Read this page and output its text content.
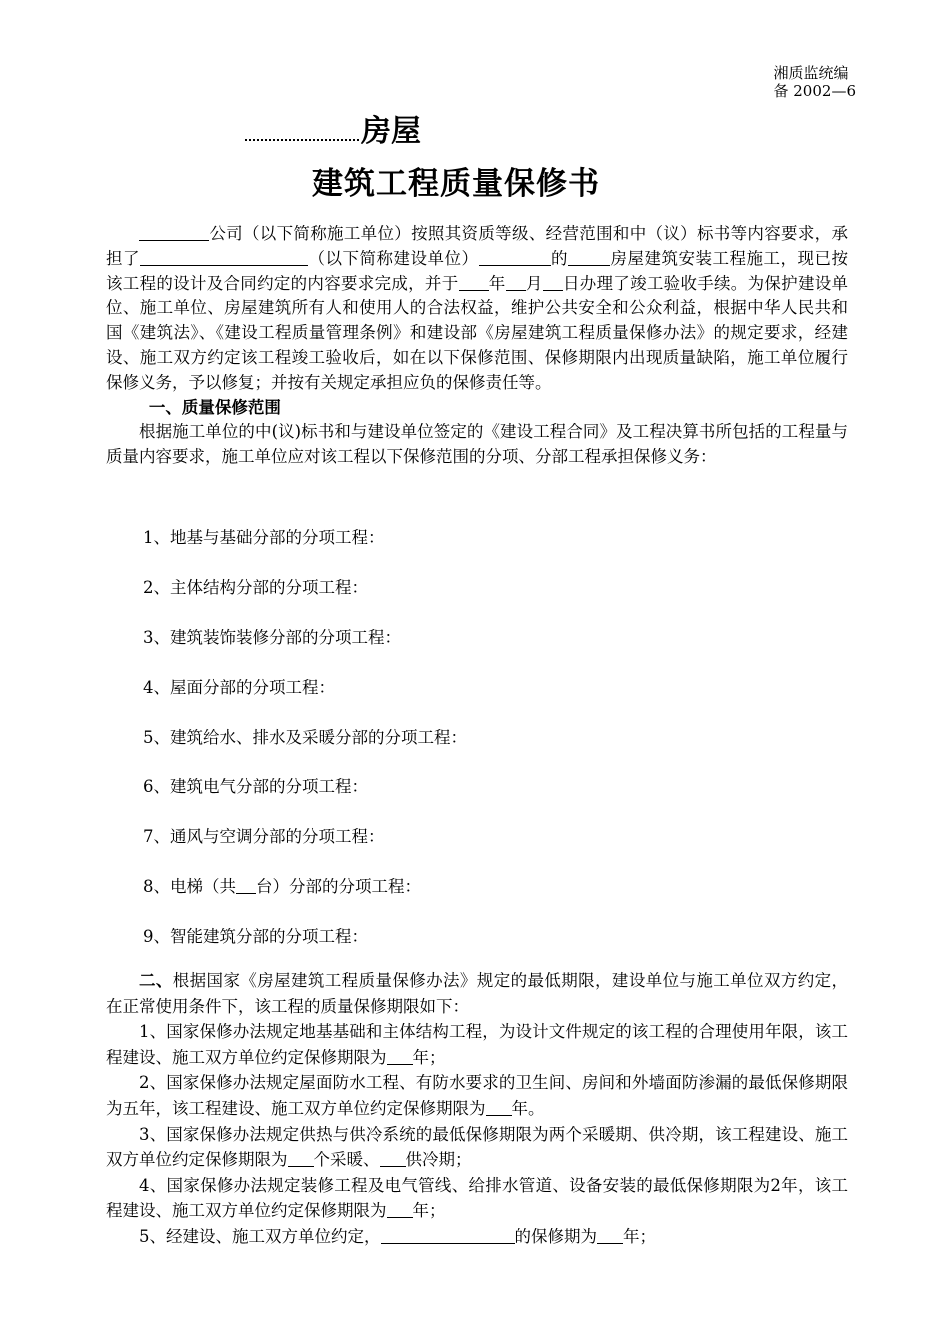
湘质监统编
备 2002—6
房屋
建筑工程质量保修书

公司（以下简称施工单位）按照其资质等级、经营范围和中（议）标书等内容要求，承担了	（以下简称建设单位）	的	房屋建筑安装工程施工，现已按该工程的设计及合同约定的内容要求完成，并于 年 月 日办理了竣工验收手续。为保护建设单位、施工单位、房屋建筑所有人和使用人的合法权益，维护公共安全和公众利益，根据中华人民共和国《建筑法》、《建设工程质量管理条例》和建设部《房屋建筑工程质量保修办法》的规定要求，经建设、施工双方约定该工程竣工验收后，如在以下保修范围、保修期限内出现质量缺陷，施工单位履行保修义务，予以修复；并按有关规定承担应负的保修责任等。

一、质量保修范围

根据施工单位的中(议)标书和与建设单位签定的《建设工程合同》及工程决算书所包括的工程量与质量内容要求，施工单位应对该工程以下保修范围的分项、分部工程承担保修义务：

1、地基与基础分部的分项工程：
2、主体结构分部的分项工程：
3、建筑装饰装修分部的分项工程：
4、屋面分部的分项工程：
5、建筑给水、排水及采暖分部的分项工程：
6、建筑电气分部的分项工程：
7、通风与空调分部的分项工程：
8、电梯（共 台）分部的分项工程：
9、智能建筑分部的分项工程：

二、根据国家《房屋建筑工程质量保修办法》规定的最低期限，建设单位与施工单位双方约定，在正常使用条件下，该工程的质量保修期限如下：

1、国家保修办法规定地基基础和主体结构工程，为设计文件规定的该工程的合理使用年限，该工程建设、施工双方单位约定保修期限为 年；

2、国家保修办法规定屋面防水工程、有防水要求的卫生间、房间和外墙面防渗漏的最低保修期限为五年，该工程建设、施工双方单位约定保修期限为 年。

3、国家保修办法规定供热与供冷系统的最低保修期限为两个采暖期、供冷期，该工程建设、施工双方单位约定保修期限为 个采暖、 供冷期；

4、国家保修办法规定装修工程及电气管线、给排水管道、设备安装的最低保修期限为2年，该工程建设、施工双方单位约定保修期限为 年；

5、经建设、施工双方单位约定，	的保修期为 年；
